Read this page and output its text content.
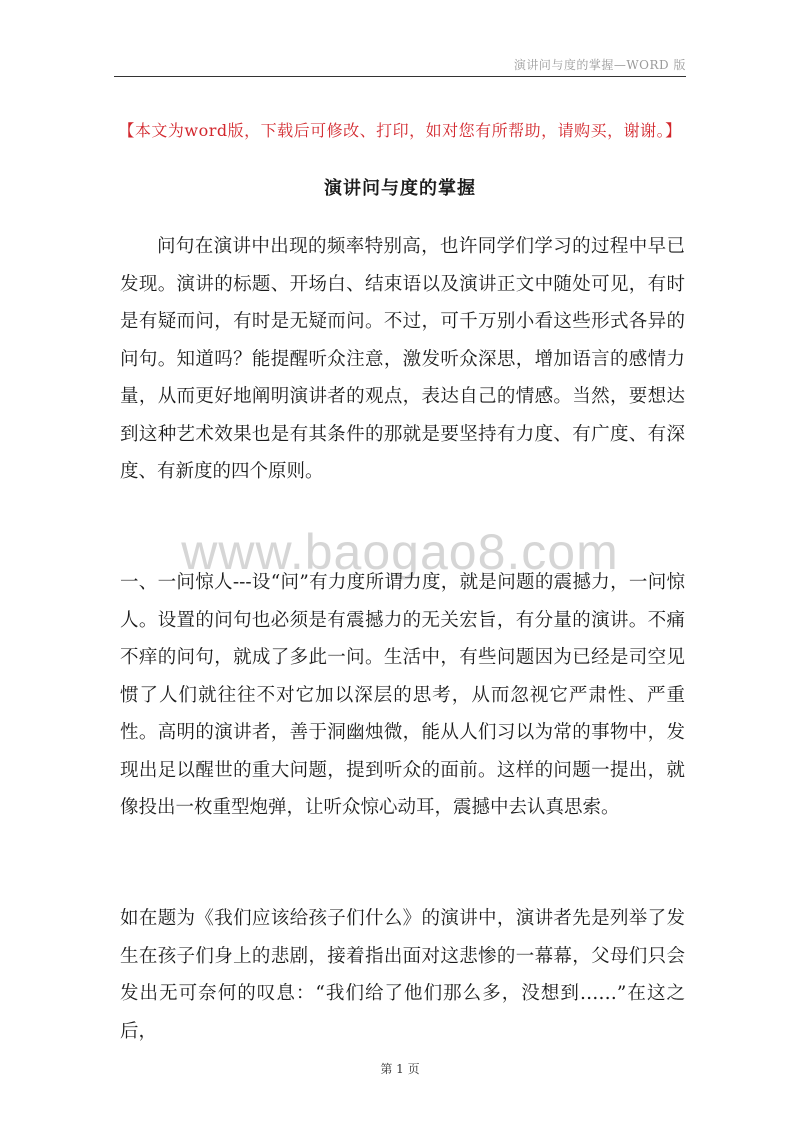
演讲问与度的掌握—WORD 版
【本文为word版，下载后可修改、打印，如对您有所帮助，请购买，谢谢。】
演讲问与度的掌握

问句在演讲中出现的频率特别高，也许同学们学习的过程中早已发现。演讲的标题、开场白、结束语以及演讲正文中随处可见，有时是有疑而问，有时是无疑而问。不过，可千万别小看这些形式各异的问句。知道吗？能提醒听众注意，激发听众深思，增加语言的感情力量，从而更好地阐明演讲者的观点，表达自己的情感。当然，要想达到这种艺术效果也是有其条件的那就是要坚持有力度、有广度、有深度、有新度的四个原则。

www.baogao8.com

一、一问惊人---设“问”有力度所谓力度，就是问题的震撼力，一问惊人。设置的问句也必须是有震撼力的无关宏旨，有分量的演讲。不痛不痒的问句，就成了多此一问。生活中，有些问题因为已经是司空见惯了人们就往往不对它加以深层的思考，从而忽视它严肃性、严重性。高明的演讲者，善于洞幽烛微，能从人们习以为常的事物中，发现出足以醒世的重大问题，提到听众的面前。这样的问题一提出，就像投出一枚重型炮弹，让听众惊心动耳，震撼中去认真思索。

如在题为《我们应该给孩子们什么》的演讲中，演讲者先是列举了发生在孩子们身上的悲剧，接着指出面对这悲惨的一幕幕，父母们只会发出无可奈何的叹息：“我们给了他们那么多，没想到……”在这之后，

第 1 页
